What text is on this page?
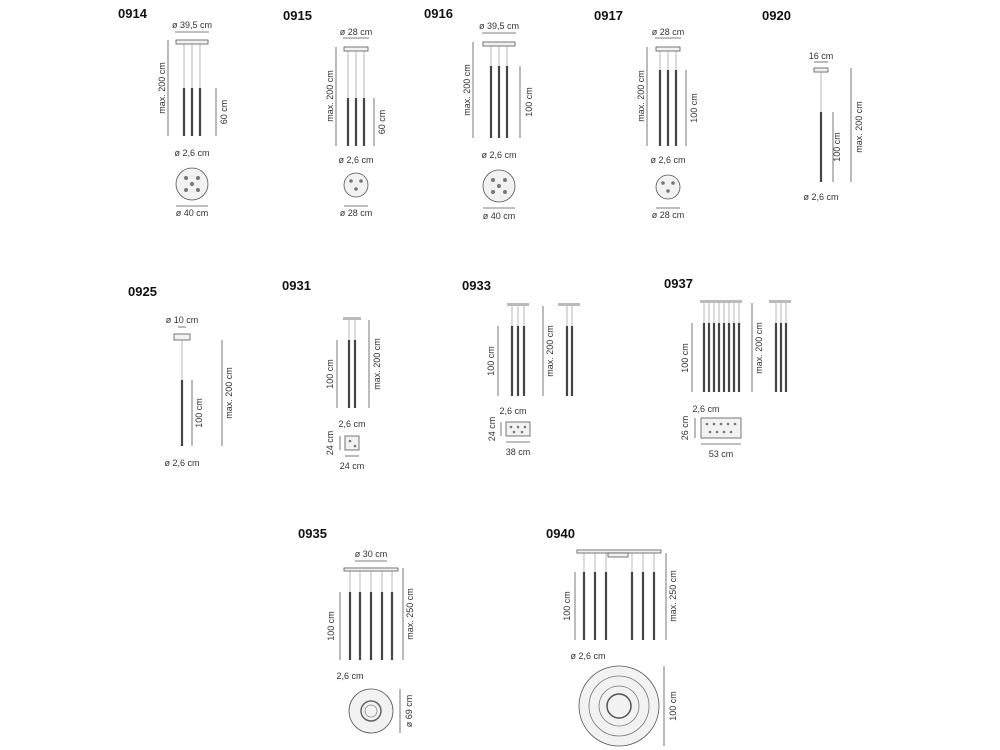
0914
ø 39,5 cm
max. 200 cm	60 cm
ø 2,6 cm
ø 40 cm
0915
ø 28 cm
max. 200 cm
60 cm
ø 2,6 cm
ø 28 cm
0916
ø 39,5 cm
max. 200 cm	100 cm
ø 2,6 cm
ø 40 cm
0917
ø 28 cm
max. 200 cm	100 cm
ø 2,6 cm
ø 28 cm
0920
16 cm
100 cm max. 200 cm
ø 2,6 cm
0925
ø 10 cm
100 cm max. 200 cm
ø 2,6 cm
0931
100 cm	max. 200 cm
2,6 cm
24 cm
24 cm
0933
100 cm	max. 200 cm
2,6 cm
24 cm
38 cm
0937
100 cm	max. 200 cm
2,6 cm
26 cm
53 cm
0935
ø 30 cm
100 cm	max. 250 cm
2,6 cm
ø 69 cm
0940
100 cm	max. 250 cm
ø 2,6 cm
100 cm
